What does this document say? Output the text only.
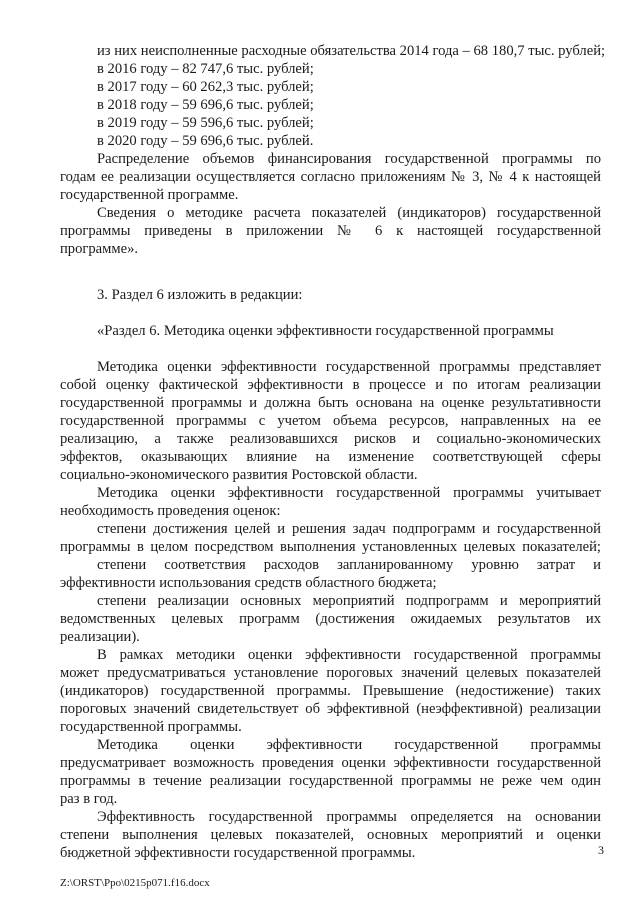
из них неисполненные расходные обязательства 2014 года – 68 180,7 тыс. рублей;

в 2016 году – 82 747,6 тыс. рублей;

в 2017 году – 60 262,3 тыс. рублей;

в 2018 году – 59 696,6 тыс. рублей;

в 2019 году – 59 596,6 тыс. рублей;

в 2020 году – 59 696,6 тыс. рублей.

Распределение объемов финансирования государственной программы по

годам ее реализации осуществляется согласно приложениям № 3, № 4 к настоящей

государственной программе.

Сведения о методике расчета показателей (индикаторов) государственной

программы приведены в приложении № 6 к настоящей государственной

программе».

3. Раздел 6 изложить в редакции:

«Раздел 6. Методика оценки эффективности государственной программы

Методика оценки эффективности государственной программы представляет

собой оценку фактической эффективности в процессе и по итогам реализации

государственной программы и должна быть основана на оценке результативности

государственной программы с учетом объема ресурсов, направленных на ее

реализацию, а также реализовавшихся рисков и социально-экономических

эффектов, оказывающих влияние на изменение соответствующей сферы

социально-экономического развития Ростовской области.

Методика оценки эффективности государственной программы учитывает

необходимость проведения оценок:

степени достижения целей и решения задач подпрограмм и государственной

программы в целом посредством выполнения установленных целевых показателей;

степени соответствия расходов запланированному уровню затрат и

эффективности использования средств областного бюджета;

степени реализации основных мероприятий подпрограмм и мероприятий

ведомственных целевых программ (достижения ожидаемых результатов их

реализации).

В рамках методики оценки эффективности государственной программы

может предусматриваться установление пороговых значений целевых показателей

(индикаторов) государственной программы. Превышение (недостижение) таких

пороговых значений свидетельствует об эффективной (неэффективной) реализации

государственной программы.

Методика оценки эффективности государственной программы

предусматривает возможность проведения оценки эффективности государственной

программы в течение реализации государственной программы не реже чем один

раз в год.

Эффективность государственной программы определяется на основании

степени выполнения целевых показателей, основных мероприятий и оценки

бюджетной эффективности государственной программы.	3
Z:\ORST\Ppo\0215p071.f16.docx
